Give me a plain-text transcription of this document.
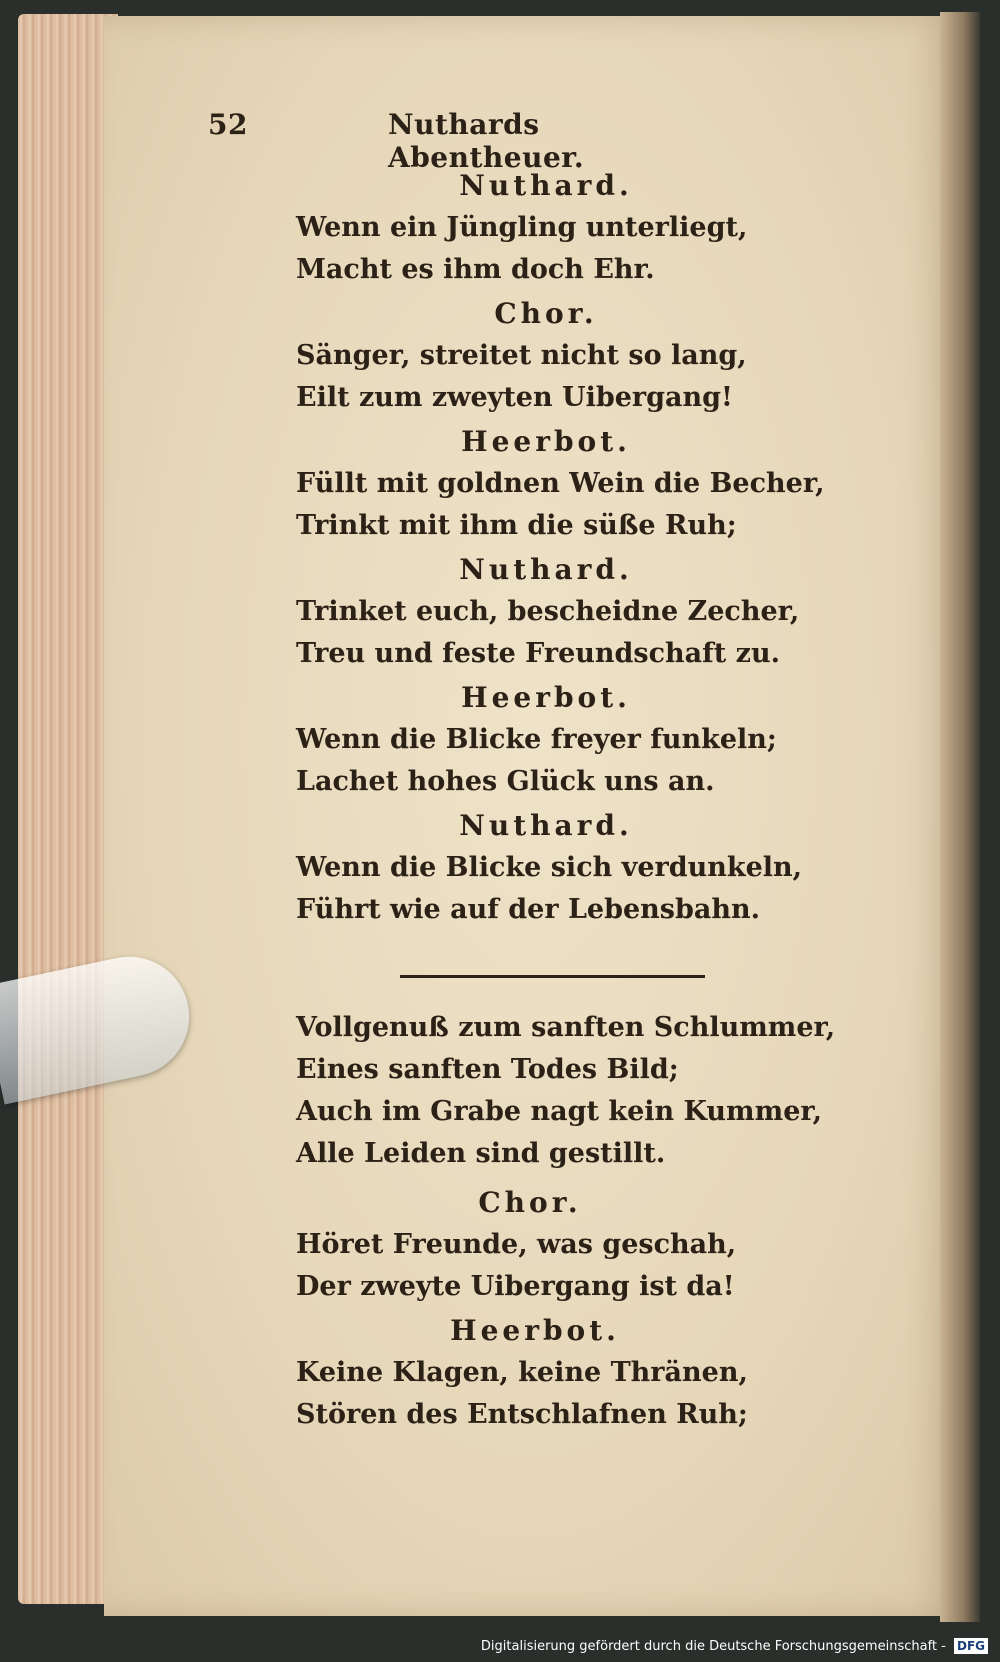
52	Nuthards Abentheuer.
Nuthard.
Wenn ein Jüngling unterliegt,
Macht es ihm doch Ehr.
Chor.
Sänger, streitet nicht so lang,
Eilt zum zweyten Uibergang!
Heerbot.
Füllt mit goldnen Wein die Becher,
Trinkt mit ihm die süße Ruh;
Nuthard.
Trinket euch, bescheidne Zecher,
Treu und feste Freundschaft zu.
Heerbot.
Wenn die Blicke freyer funkeln;
Lachet hohes Glück uns an.
Nuthard.
Wenn die Blicke sich verdunkeln,
Führt wie auf der Lebensbahn.
Vollgenuß zum sanften Schlummer,
Eines sanften Todes Bild;
Auch im Grabe nagt kein Kummer,
Alle Leiden sind gestillt.
Chor.
Höret Freunde, was geschah,
Der zweyte Uibergang ist da!
Heerbot.
Keine Klagen, keine Thränen,
Stören des Entschlafnen Ruh;
Digitalisierung gefördert durch die Deutsche Forschungsgemeinschaft - DFG
